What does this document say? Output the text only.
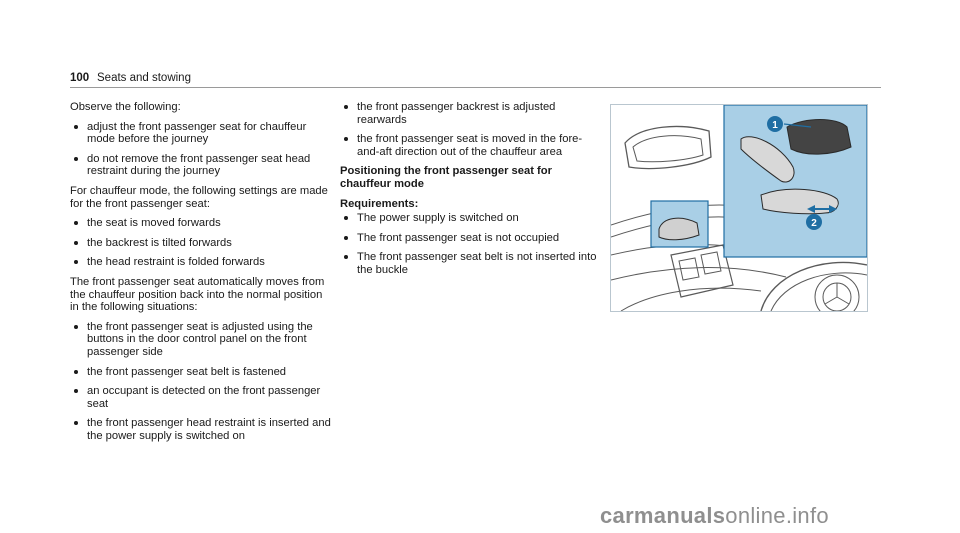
100 Seats and stowing

Observe the following:

adjust the front passenger seat for chauffeur mode before the journey
do not remove the front passenger seat head restraint during the journey

For chauffeur mode, the following settings are made for the front passenger seat:

the seat is moved forwards
the backrest is tilted forwards
the head restraint is folded forwards

The front passenger seat automatically moves from the chauffeur position back into the normal position in the following situations:

the front passenger seat is adjusted using the buttons in the door control panel on the front passenger side
the front passenger seat belt is fastened
an occupant is detected on the front passenger seat
the front passenger head restraint is inserted and the power supply is switched on
the front passenger backrest is adjusted rearwards
the front passenger seat is moved in the fore-and-aft direction out of the chauffeur area

Positioning the front passenger seat for chauffeur mode

Requirements:

The power supply is switched on
The front passenger seat is not occupied
The front passenger seat belt is not inserted into the buckle
1
2
carmanualsonline.info
